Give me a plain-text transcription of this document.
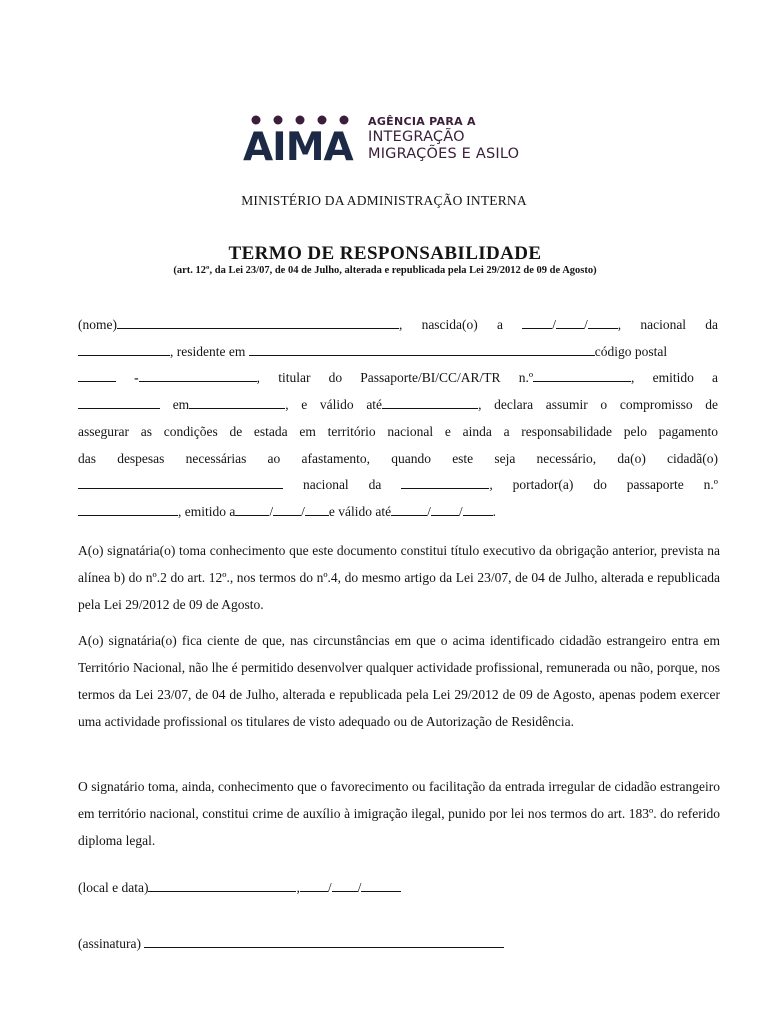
AIMA
AGÊNCIA PARA A
INTEGRAÇÃO
MIGRAÇÕES E ASILO
MINISTÉRIO DA ADMINISTRAÇÃO INTERNA
TERMO DE RESPONSABILIDADE
(art. 12º, da Lei 23/07, de 04 de Julho, alterada e republicada pela Lei 29/2012 de 09 de Agosto)
(nome)	, nascida(o) a	/ / , nacional da
, residente em	código postal
-	, titular do Passaporte/BI/CC/AR/TR n.º	, emitido a
em	, e válido até	, declara assumir o compromisso de
assegurar as condições de estada em território nacional e ainda a responsabilidade pelo pagamento
das despesas necessárias ao afastamento, quando este seja necessário, da(o) cidadã(o)
nacional da	, portador(a) do passaporte n.º
, emitido a	/ / e válido até	/ / .
A(o) signatária(o) toma conhecimento que este documento constitui título executivo da obrigação anterior, prevista na alínea b) do nº.2 do art. 12º., nos termos do nº.4, do mesmo artigo da Lei 23/07, de 04 de Julho, alterada e republicada pela Lei 29/2012 de 09 de Agosto.
A(o) signatária(o) fica ciente de que, nas circunstâncias em que o acima identificado cidadão estrangeiro entra em Território Nacional, não lhe é permitido desenvolver qualquer actividade profissional, remunerada ou não, porque, nos termos da Lei 23/07, de 04 de Julho, alterada e republicada pela Lei 29/2012 de 09 de Agosto, apenas podem exercer uma actividade profissional os titulares de visto adequado ou de Autorização de Residência.
O signatário toma, ainda, conhecimento que o favorecimento ou facilitação da entrada irregular de cidadão estrangeiro em território nacional, constitui crime de auxílio à imigração ilegal, punido por lei nos termos do art. 183º. do referido diploma legal.
(local e data)	, / /
(assinatura)
